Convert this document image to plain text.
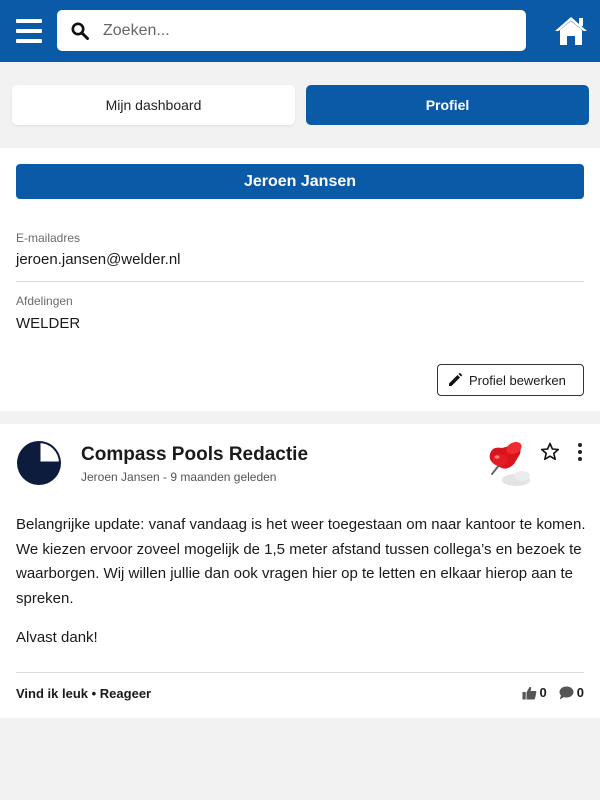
Zoeken...
Mijn dashboard	Profiel
Jeroen Jansen
E-mailadres
jeroen.jansen@welder.nl
Afdelingen
WELDER
Profiel bewerken
Compass Pools Redactie
Jeroen Jansen - 9 maanden geleden
Belangrijke update: vanaf vandaag is het weer toegestaan om naar kantoor te komen. We kiezen ervoor zoveel mogelijk de 1,5 meter afstand tussen collega’s en bezoek te waarborgen. Wij willen jullie dan ook vragen hier op te letten en elkaar hierop aan te spreken.
Alvast dank!
Vind ik leuk • Reageer	0 0
